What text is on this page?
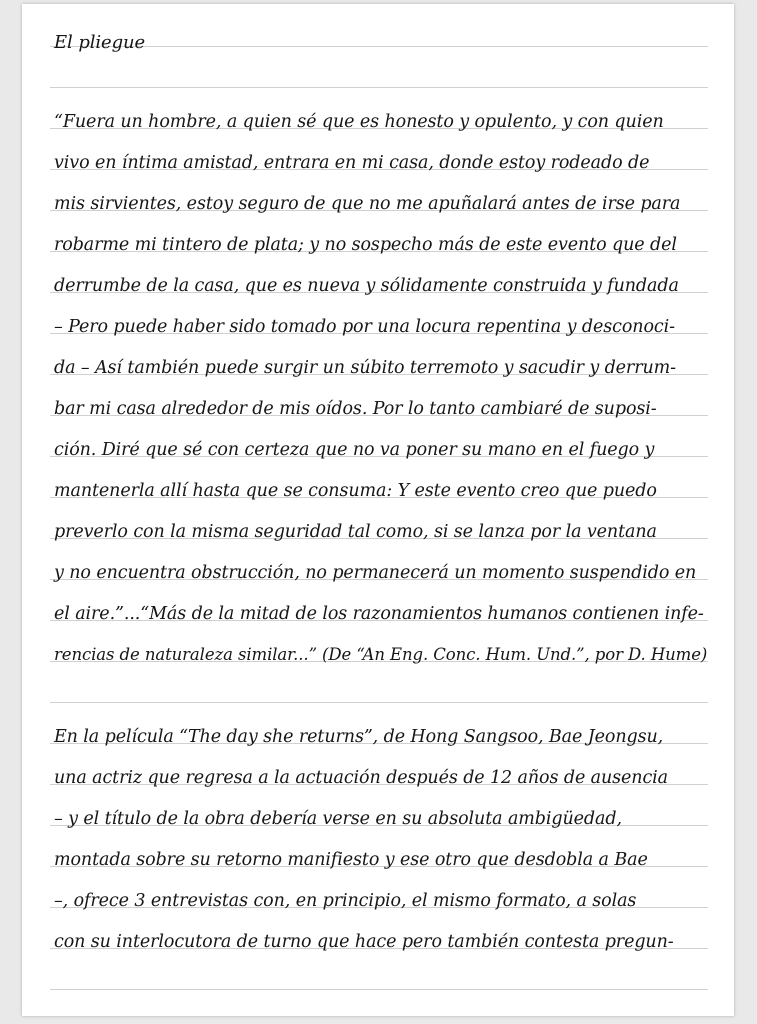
El pliegue
“Fuera un hombre, a quien sé que es honesto y opulento, y con quien
vivo en íntima amistad, entrara en mi casa, donde estoy rodeado de
mis sirvientes, estoy seguro de que no me apuñalará antes de irse para
robarme mi tintero de plata; y no sospecho más de este evento que del
derrumbe de la casa, que es nueva y sólidamente construida y fundada
– Pero puede haber sido tomado por una locura repentina y desconoci-
da – Así también puede surgir un súbito terremoto y sacudir y derrum-
bar mi casa alrededor de mis oídos. Por lo tanto cambiaré de suposi-
ción. Diré que sé con certeza que no va poner su mano en el fuego y
mantenerla allí hasta que se consuma: Y este evento creo que puedo
preverlo con la misma seguridad tal como, si se lanza por la ventana
y no encuentra obstrucción, no permanecerá un momento suspendido en
el aire.”...“Más de la mitad de los razonamientos humanos contienen infe-
rencias de naturaleza similar...” (De “An Eng. Conc. Hum. Und.”, por D. Hume)
En la película “The day she returns”, de Hong Sangsoo, Bae Jeongsu,
una actriz que regresa a la actuación después de 12 años de ausencia
– y el título de la obra debería verse en su absoluta ambigüedad,
montada sobre su retorno manifiesto y ese otro que desdobla a Bae
–, ofrece 3 entrevistas con, en principio, el mismo formato, a solas
con su interlocutora de turno que hace pero también contesta pregun-
